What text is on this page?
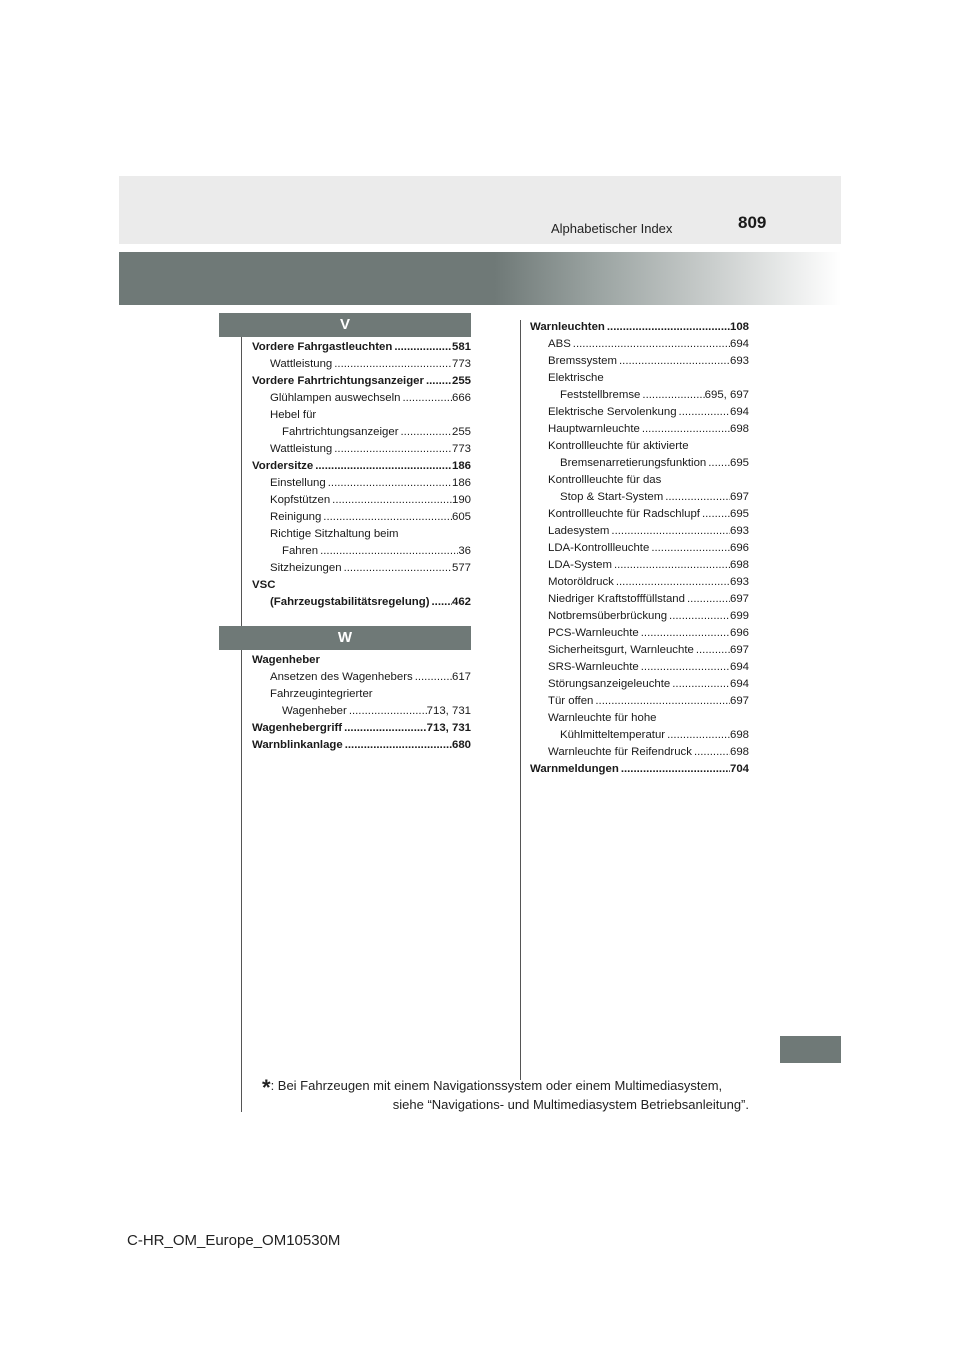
809
Alphabetischer Index
V
Vordere Fahrgastleuchten .....	581
Wattleistung .....	773
Vordere Fahrtrichtungsanzeiger ..... 255
Glühlampen auswechseln .....	666
Hebel für
Fahrtrichtungsanzeiger .....	255
Wattleistung .....	773
Vordersitze .....	186
Einstellung .....	186
Kopfstützen .....	190
Reinigung .....	605
Richtige Sitzhaltung beim
Fahren .....	36
Sitzheizungen .....	577
VSC
(Fahrzeugstabilitätsregelung) ..... 462
W
Wagenheber
Ansetzen des Wagenhebers .....	617
Fahrzeugintegrierter
Wagenheber .....	713, 731
Wagenhebergriff .....	713, 731
Warnblinkanlage .....	680
Warnleuchten .....	108
ABS .....	694
Bremssystem .....	693
Elektrische
Feststellbremse .....	695, 697
Elektrische Servolenkung .....	694
Hauptwarnleuchte .....	698
Kontrollleuchte für aktivierte
Bremsenarretierungsfunktion ..... 695
Kontrollleuchte für das
Stop & Start-System .....	697
Kontrollleuchte für Radschlupf .....	695
Ladesystem .....	693
LDA-Kontrollleuchte .....	696
LDA-System .....	698
Motoröldruck .....	693
Niedriger Kraftstofffüllstand .....	697
Notbremsüberbrückung .....	699
PCS-Warnleuchte .....	696
Sicherheitsgurt, Warnleuchte .....	697
SRS-Warnleuchte .....	694
Störungsanzeigeleuchte .....	694
Tür offen .....	697
Warnleuchte für hohe
Kühlmitteltemperatur .....	698
Warnleuchte für Reifendruck .....	698
Warnmeldungen .....	704
*: Bei Fahrzeugen mit einem Navigationssystem oder einem Multimediasystem,
siehe “Navigations- und Multimediasystem Betriebsanleitung”.
C-HR_OM_Europe_OM10530M
